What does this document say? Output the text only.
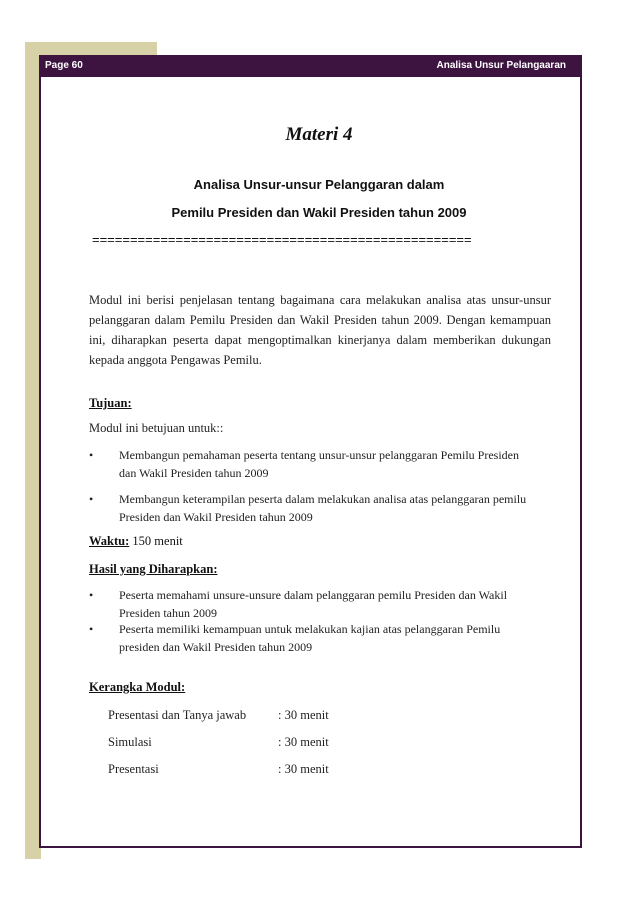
Page 60	Analisa Unsur Pelangaaran
Materi 4
Analisa Unsur-unsur Pelanggaran dalam
Pemilu Presiden dan Wakil Presiden tahun 2009
==================================================

Modul ini berisi penjelasan tentang bagaimana cara melakukan analisa atas unsur-unsur pelanggaran dalam Pemilu Presiden dan Wakil Presiden tahun 2009. Dengan kemampuan ini, diharapkan peserta dapat mengoptimalkan kinerjanya dalam memberikan dukungan kepada anggota Pengawas Pemilu.

Tujuan:
Modul ini betujuan untuk::
• Membangun pemahaman peserta tentang unsur-unsur pelanggaran Pemilu Presiden dan Wakil Presiden tahun 2009
• Membangun keterampilan peserta dalam melakukan analisa atas pelanggaran pemilu Presiden dan Wakil Presiden tahun 2009
Waktu: 150 menit
Hasil yang Diharapkan:
• Peserta memahami unsure-unsure dalam pelanggaran pemilu Presiden dan Wakil Presiden tahun 2009
• Peserta memiliki kemampuan untuk melakukan kajian atas pelanggaran Pemilu presiden dan Wakil Presiden tahun 2009
Kerangka Modul:
Presentasi dan Tanya jawab	: 30 menit
Simulasi	: 30 menit
Presentasi	: 30 menit
